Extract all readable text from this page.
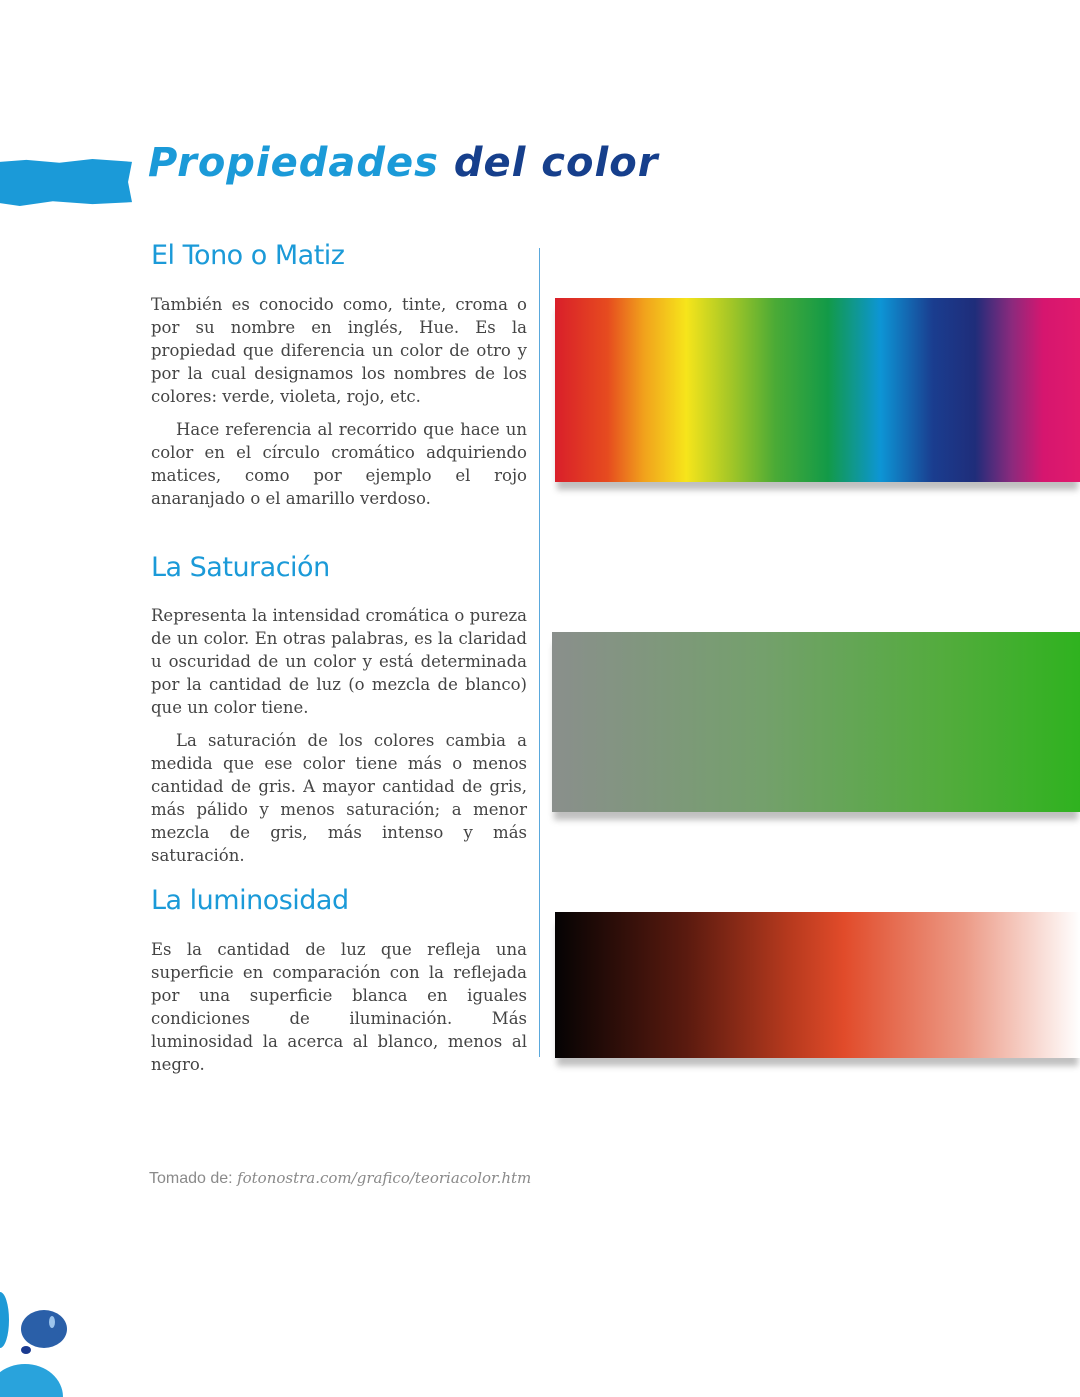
Propiedades del color
El Tono o Matiz

También es conocido como, tinte, croma o por su nombre en inglés, Hue. Es la propiedad que diferencia un color de otro y por la cual designamos los nombres de los colores: verde, violeta, rojo, etc.

Hace referencia al recorrido que hace un color en el círculo cromático adquiriendo matices, como por ejemplo el rojo anaranjado o el amarillo verdoso.

La Saturación

Representa la intensidad cromática o pureza de un color. En otras palabras, es la claridad u oscuridad de un color y está determinada por la cantidad de luz (o mezcla de blanco) que un color tiene.

La saturación de los colores cambia a medida que ese color tiene más o menos cantidad de gris. A mayor cantidad de gris, más pálido y menos saturación; a menor mezcla de gris, más intenso y más saturación.

La luminosidad

Es la cantidad de luz que refleja una superficie en comparación con la reflejada por una superficie blanca en iguales condiciones de iluminación. Más luminosidad la acerca al blanco, menos al negro.

Tomado de: fotonostra.com/grafico/teoriacolor.htm
